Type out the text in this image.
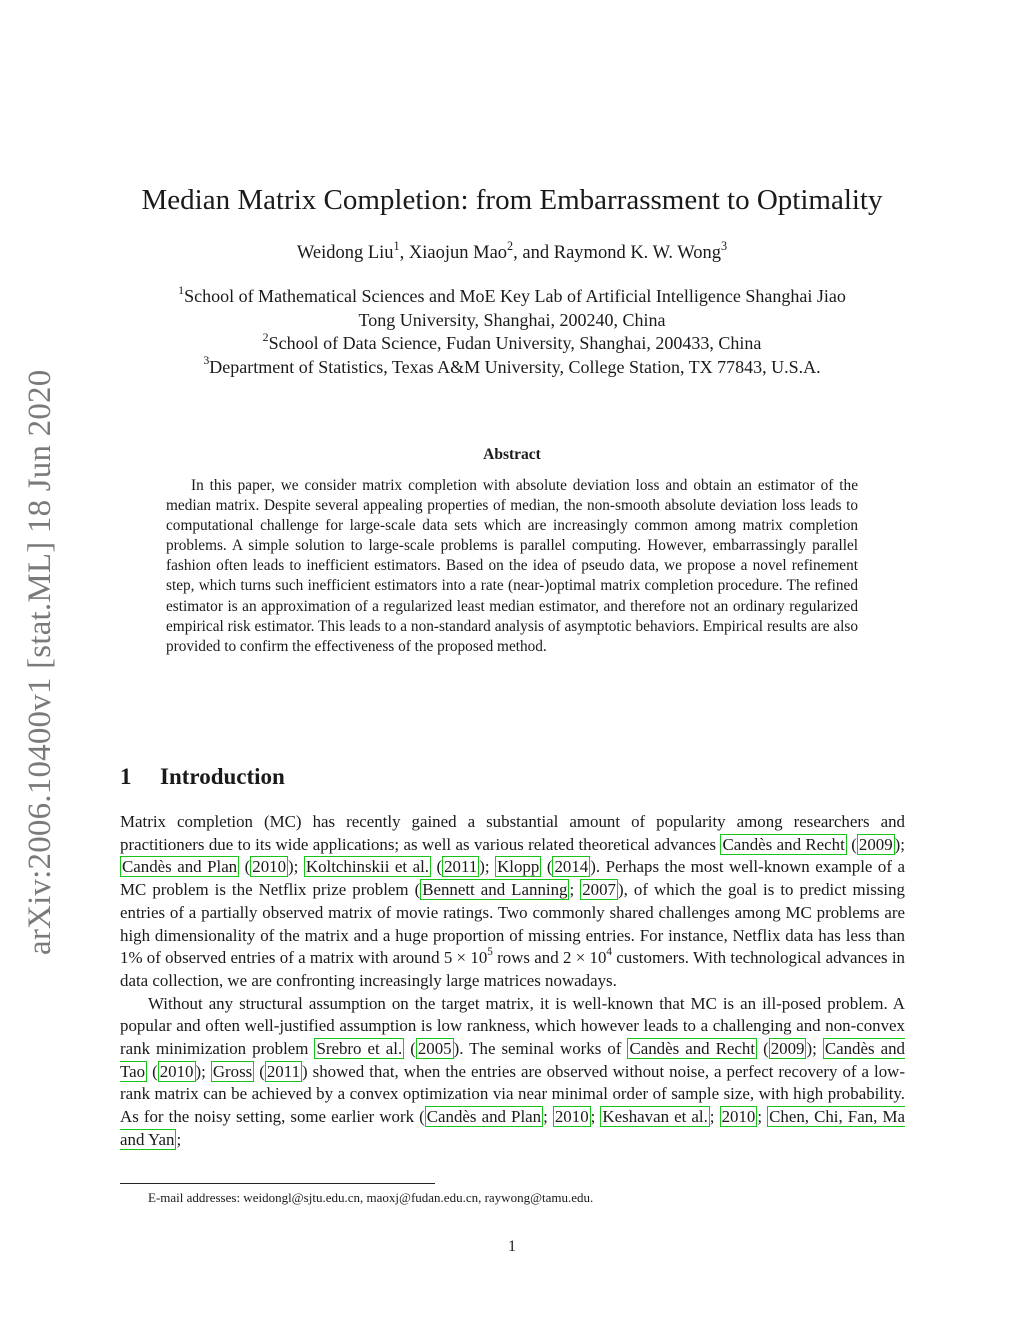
arXiv:2006.10400v1 [stat.ML] 18 Jun 2020
Median Matrix Completion: from Embarrassment to Optimality
Weidong Liu$^1$, Xiaojun Mao$^2$, and Raymond K. W. Wong$^3$
$^1$School of Mathematical Sciences and MoE Key Lab of Artificial Intelligence Shanghai Jiao
Tong University, Shanghai, 200240, China
$^2$School of Data Science, Fudan University, Shanghai, 200433, China
$^3$Department of Statistics, Texas A&M University, College Station, TX 77843, U.S.A.
Abstract
In this paper, we consider matrix completion with absolute deviation loss and obtain an estimator of the median matrix. Despite several appealing properties of median, the non-smooth absolute deviation loss leads to computational challenge for large-scale data sets which are increasingly common among matrix completion problems. A simple solution to large-scale problems is parallel computing. However, embarrassingly parallel fashion often leads to inefficient estimators. Based on the idea of pseudo data, we propose a novel refinement step, which turns such inefficient estimators into a rate (near-)optimal matrix completion procedure. The refined estimator is an approximation of a regularized least median estimator, and therefore not an ordinary regularized empirical risk estimator. This leads to a non-standard analysis of asymptotic behaviors. Empirical results are also provided to confirm the effectiveness of the proposed method.
1 Introduction

Matrix completion (MC) has recently gained a substantial amount of popularity among researchers and practitioners due to its wide applications; as well as various related theoretical advances Candès and Recht ( 2009 ); Candès and Plan ( 2010 ); Koltchinskii et al. ( 2011 ); Klopp ( 2014 ). Perhaps the most well-known example of a MC problem is the Netflix prize problem ( Bennett and Lanning ; 2007 ), of which the goal is to predict missing entries of a partially observed matrix of movie ratings. Two commonly shared challenges among MC problems are high dimensionality of the matrix and a huge proportion of missing entries. For instance, Netflix data has less than 1% of observed entries of a matrix with around $5 \times 10^5$ rows and $2 \times 10^4$ customers. With technological advances in data collection, we are confronting increasingly large matrices nowadays.

Without any structural assumption on the target matrix, it is well-known that MC is an ill-posed problem. A popular and often well-justified assumption is low rankness, which however leads to a challenging and non-convex rank minimization problem Srebro et al. ( 2005 ). The seminal works of Candès and Recht ( 2009 ); Candès and Tao ( 2010 ); Gross ( 2011 ) showed that, when the entries are observed without noise, a perfect recovery of a low-rank matrix can be achieved by a convex optimization via near minimal order of sample size, with high probability. As for the noisy setting, some earlier work ( Candès and Plan ; 2010 ; Keshavan et al. ; 2010 ; Chen, Chi, Fan, Ma and Yan ;

E-mail addresses: weidongl@sjtu.edu.cn, maoxj@fudan.edu.cn, raywong@tamu.edu.
1
